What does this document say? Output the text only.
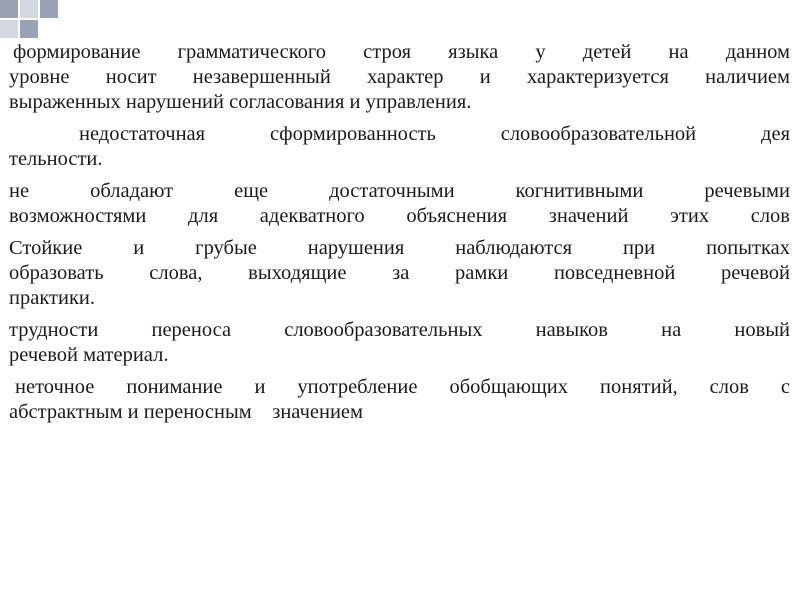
формирование грамматического строя языка у детей на данном
уровне носит незавершенный характер и характеризуется наличием
выраженных нарушений согласования и управления.

недостаточная сформированность словообразовательной дея
тельности.

не обладают еще достаточными когнитивными речевыми
возможностями для адекватного объяснения значений этих слов

Стойкие и грубые нарушения наблюдаются при попытках
образовать слова, выходящие за рамки повседневной речевой
практики.

трудности переноса словообразовательных навыков на новый
речевой материал.

неточное понимание и употребление обобщающих понятий, слов с
абстрактным и переносным    значением
